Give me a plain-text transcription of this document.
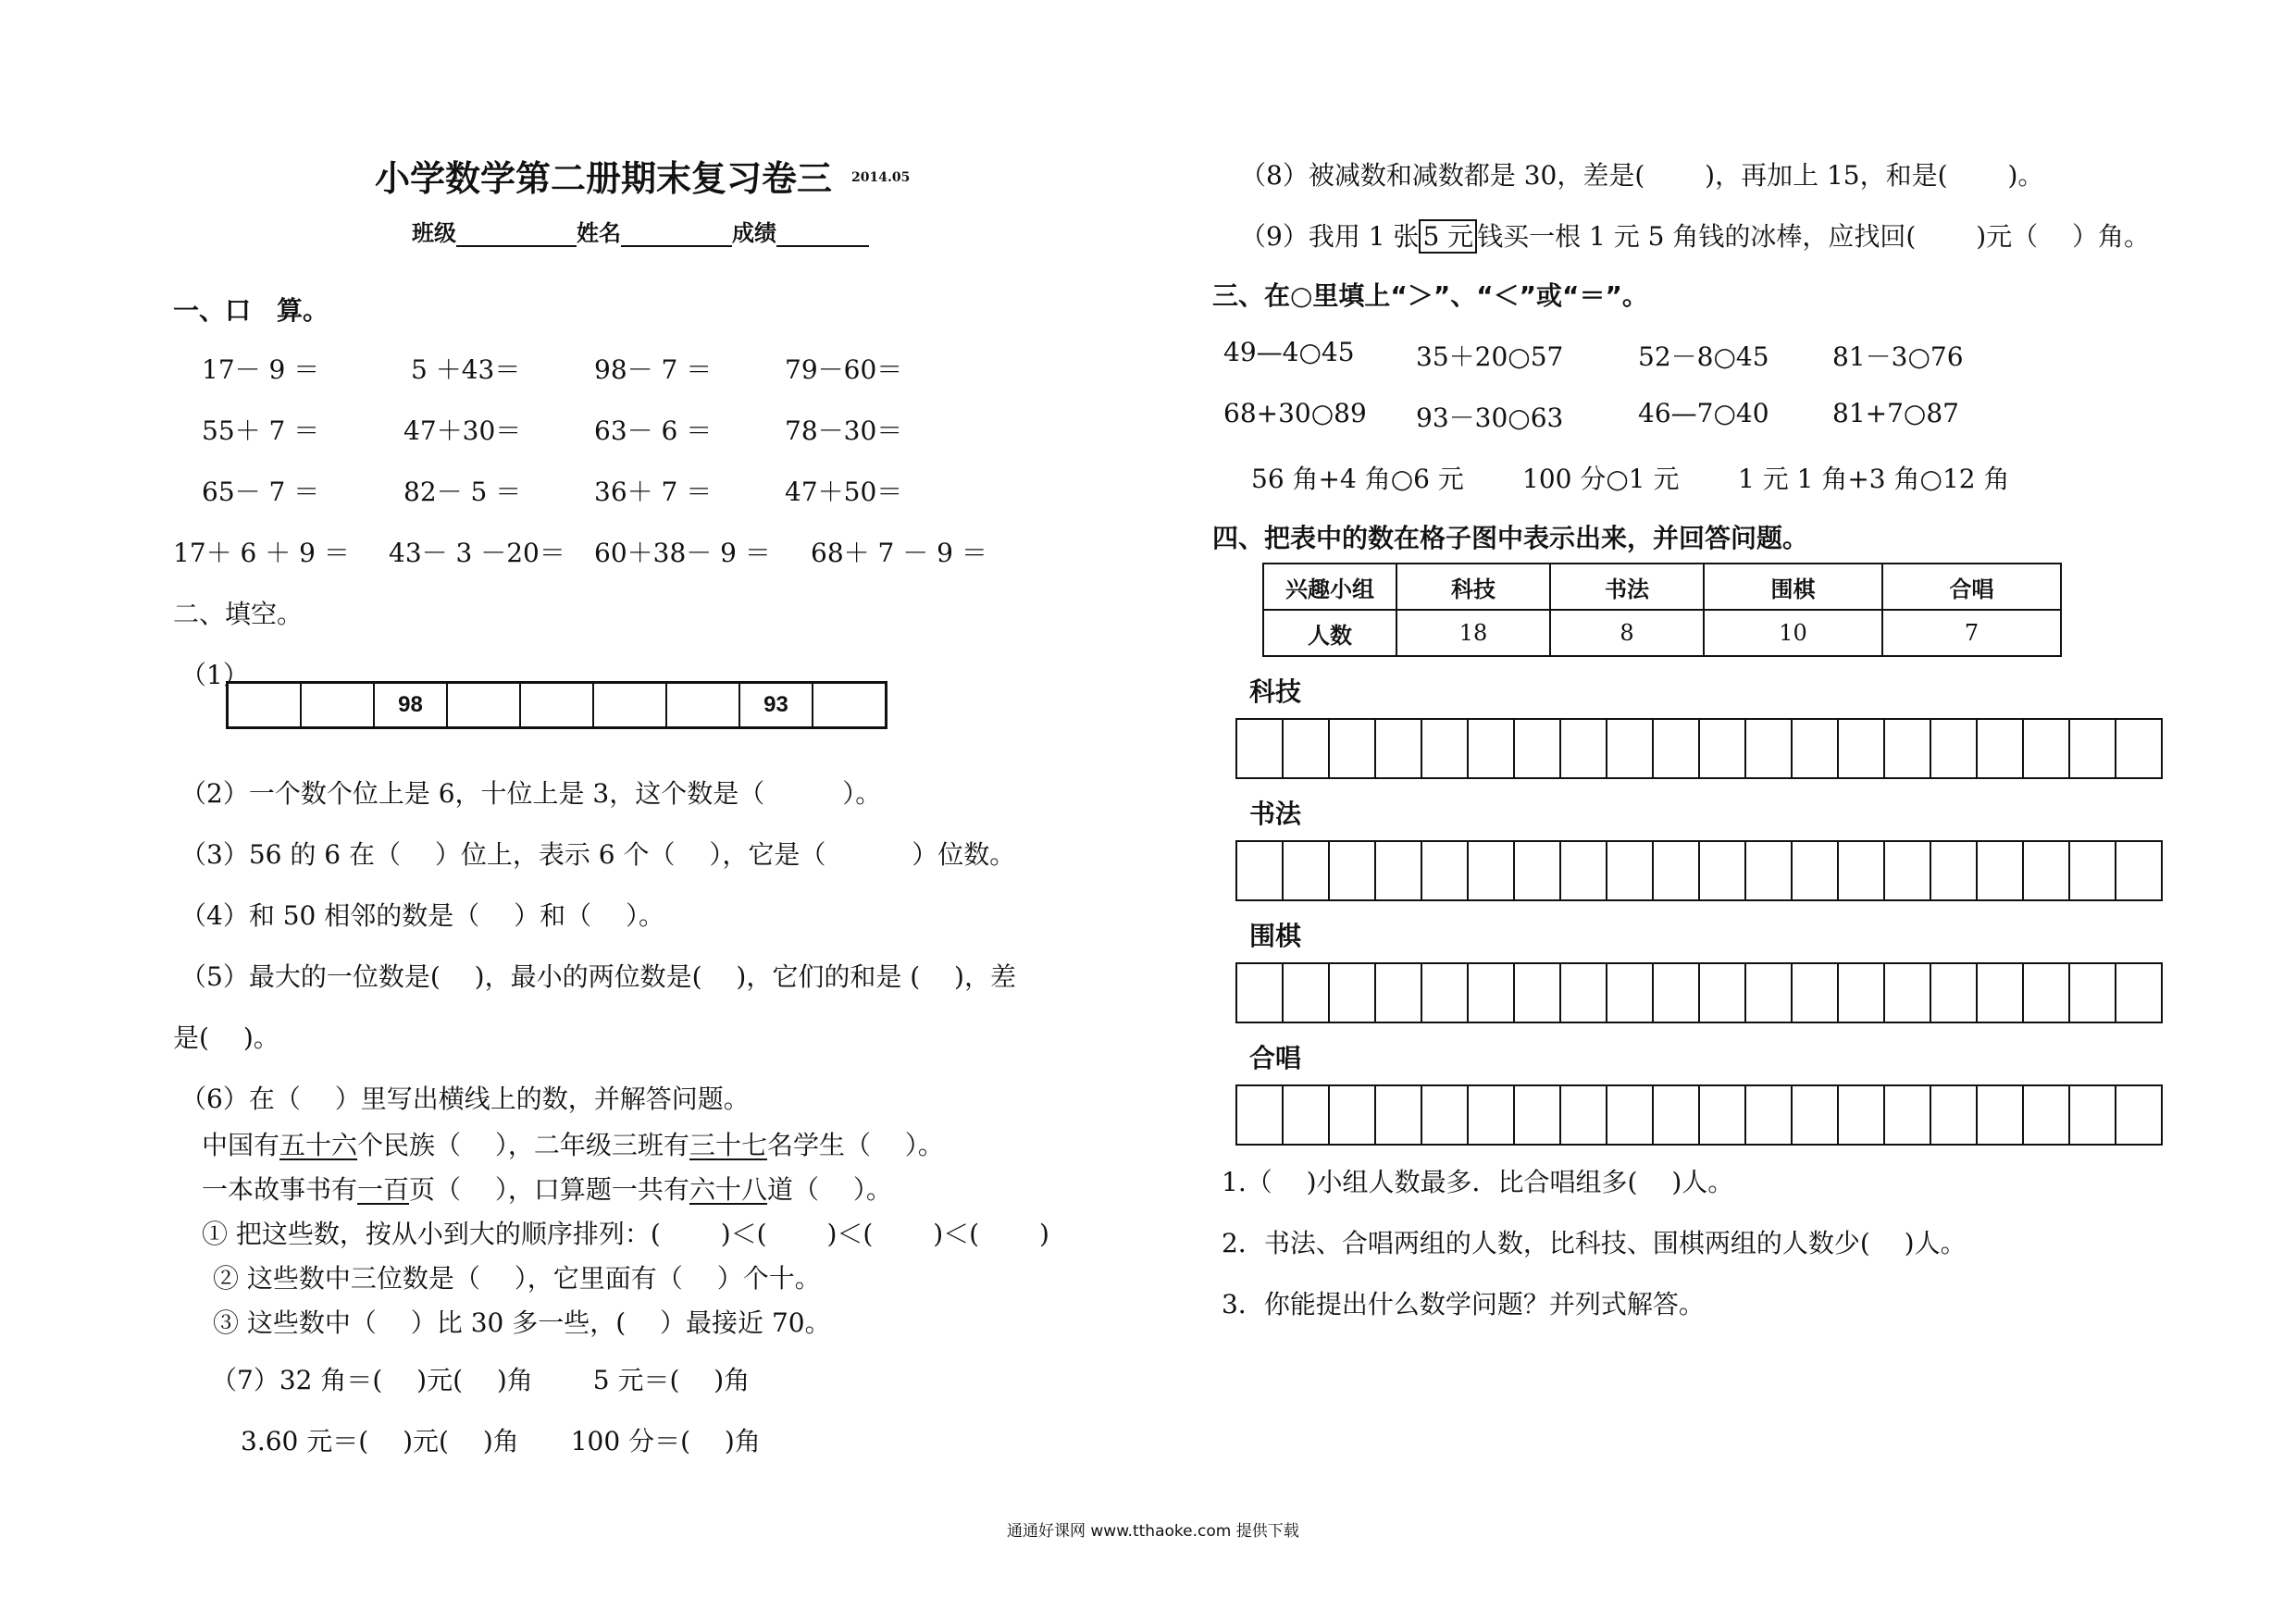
小学数学第二册期末复习卷三 2014.05
班级	姓名	成绩
一、口　算。
17－ 9 ＝	5 ＋43＝	98－ 7 ＝	79－60＝
55＋ 7 ＝	47＋30＝	63－ 6 ＝	78－30＝
65－ 7 ＝	82－ 5 ＝	36＋ 7 ＝	47＋50＝
17＋ 6 ＋ 9 ＝ 43－ 3 －20＝ 60＋38－ 9 ＝ 68＋ 7 － 9 ＝
二、填空。
（1）
98	93
（2）一个数个位上是 6，十位上是 3，这个数是（　　　）。
（3）56 的 6 在（　 ）位上，表示 6 个（　 ），它是（　　　 ）位数。
（4）和 50 相邻的数是（　 ）和（　 ）。
（5）最大的一位数是(　 )，最小的两位数是(　 )，它们的和是 (　 )，差
是(　 )。
（6）在（　 ）里写出横线上的数，并解答问题。
中国有五十六个民族（　 ），二年级三班有三十七名学生（　 ）。
一本故事书有一百页（　 ），口算题一共有六十八道（　 ）。
① 把这些数，按从小到大的顺序排列：(　　 )＜(　　 )＜(　　 )＜(　　 )
② 这些数中三位数是（　 ），它里面有（　 ）个十。
③ 这些数中（　 ）比 30 多一些，(　 ）最接近 70。
（7）32 角＝(　 )元(　 )角　　 5 元＝(　 )角
3.60 元＝(　 )元(　 )角　　100 分＝(　 )角
（8）被减数和减数都是 30，差是(　　 )，再加上 15，和是(　　 )。
（9）我用 1 张 5 元 钱买一根 1 元 5 角钱的冰棒，应找回(　　 )元（　 ）角。
三、在○里填上“＞”、“＜”或“＝”。
49—4○45 35＋20○57	52－8○45 81－3○76
68+30○89 93－30○63	46—7○40 81+7○87
56 角+4 角○6 元 100 分○1 元 1 元 1 角+3 角○12 角
四、把表中的数在格子图中表示出来，并回答问题。
兴趣小组	科技	书法	围棋	合唱
人数	18	8	10	7
科技
书法
围棋
合唱
1.（　 )小组人数最多．比合唱组多(　 )人。
2．书法、合唱两组的人数，比科技、围棋两组的人数少(　 )人。
3．你能提出什么数学问题？并列式解答。
通通好课网 www.tthaoke.com 提供下载
